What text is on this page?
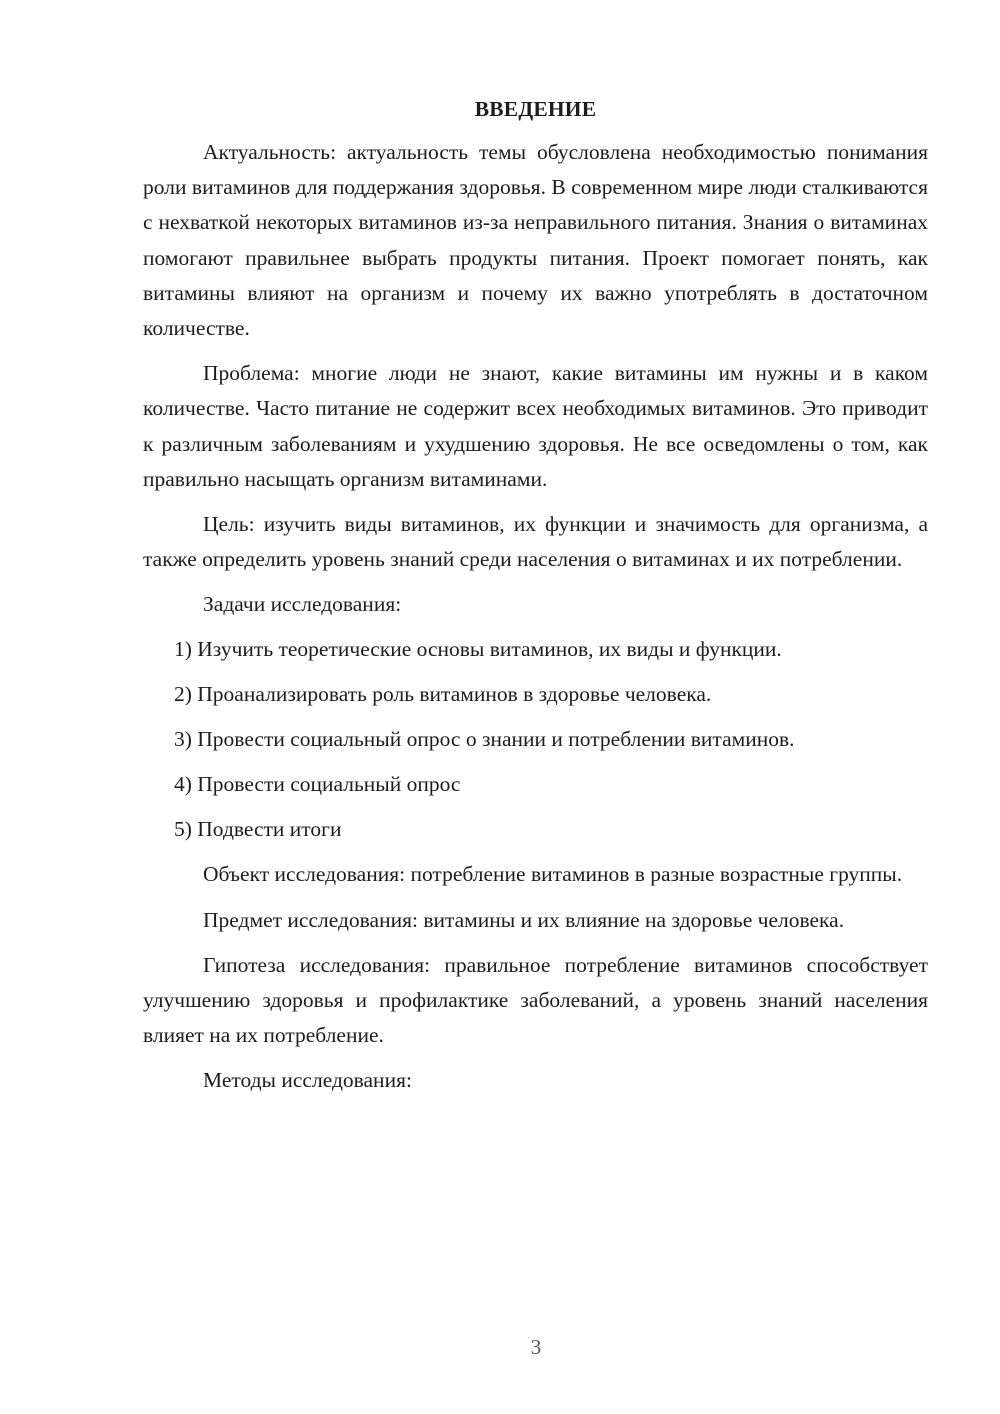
ВВЕДЕНИЕ

Актуальность: актуальность темы обусловлена необходимостью понимания роли витаминов для поддержания здоровья. В современном мире люди сталкиваются с нехваткой некоторых витаминов из-за неправильного питания. Знания о витаминах помогают правильнее выбрать продукты питания. Проект помогает понять, как витамины влияют на организм и почему их важно употреблять в достаточном количестве.

Проблема: многие люди не знают, какие витамины им нужны и в каком количестве. Часто питание не содержит всех необходимых витаминов. Это приводит к различным заболеваниям и ухудшению здоровья. Не все осведомлены о том, как правильно насыщать организм витаминами.

Цель: изучить виды витаминов, их функции и значимость для организма, а также определить уровень знаний среди населения о витаминах и их потреблении.

Задачи исследования:

1) Изучить теоретические основы витаминов, их виды и функции.

2) Проанализировать роль витаминов в здоровье человека.

3) Провести социальный опрос о знании и потреблении витаминов.

4) Провести социальный опрос

5) Подвести итоги

Объект исследования: потребление витаминов в разные возрастные группы.

Предмет исследования: витамины и их влияние на здоровье человека.

Гипотеза исследования: правильное потребление витаминов способствует улучшению здоровья и профилактике заболеваний, а уровень знаний населения влияет на их потребление.

Методы исследования:

3
